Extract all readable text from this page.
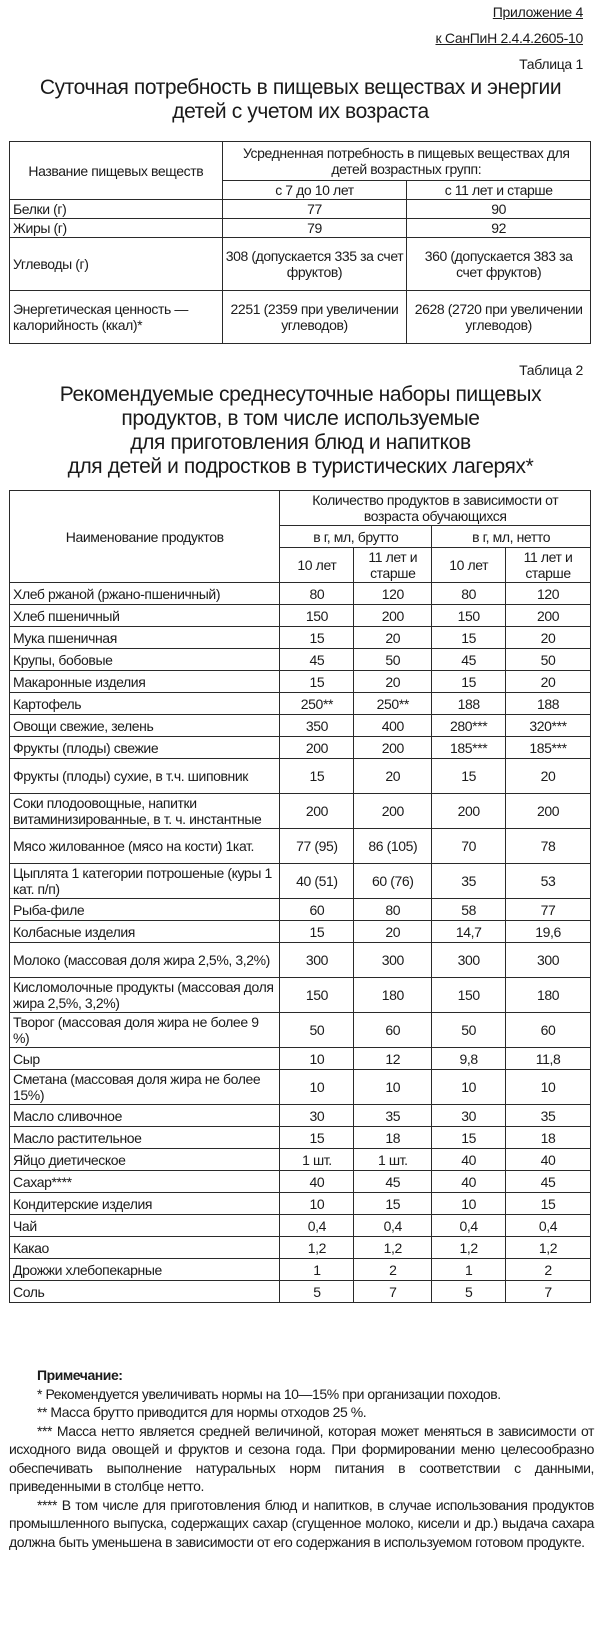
Приложение 4
к СанПиН 2.4.4.2605-10
Таблица 1
Суточная потребность в пищевых веществах и энергии
детей с учетом их возраста
Название пищевых веществ	Усредненная потребность в пищевых веществах для детей возрастных групп:	
	с 7 до 10 лет	с 11 лет и старше
Белки (г)	77	90
Жиры (г)	79	92
Углеводы (г)	308 (допускается 335 за счет фруктов)	360 (допускается 383 за счет фруктов)
Энергетическая ценность — калорийность (ккал)*	2251 (2359 при увеличении углеводов)	2628 (2720 при увеличении углеводов)
Таблица 2
Рекомендуемые среднесуточные наборы пищевых
продуктов, в том числе используемые
для приготовления блюд и напитков
для детей и подростков в туристических лагерях*
Наименование продуктов	Количество продуктов в зависимости от возраста обучающихся			
	в г, мл, брутто		в г, мл, нетто	
	10 лет	11 лет и старше	10 лет	11 лет и старше
Хлеб ржаной (ржано-пшеничный)	80	120	80	120
Хлеб пшеничный	150	200	150	200
Мука пшеничная	15	20	15	20
Крупы, бобовые	45	50	45	50
Макаронные изделия	15	20	15	20
Картофель	250**	250**	188	188
Овощи свежие, зелень	350	400	280***	320***
Фрукты (плоды) свежие	200	200	185***	185***
Фрукты (плоды) сухие, в т.ч. шиповник	15	20	15	20
Соки плодоовощные, напитки витаминизированные, в т. ч. инстантные	200	200	200	200
Мясо жилованное (мясо на кости) 1кат.	77 (95)	86 (105)	70	78
Цыплята 1 категории потрошеные (куры 1 кат. п/п)	40 (51)	60 (76)	35	53
Рыба-филе	60	80	58	77
Колбасные изделия	15	20	14,7	19,6
Молоко (массовая доля жира 2,5%, 3,2%)	300	300	300	300
Кисломолочные продукты (массовая доля жира 2,5%, 3,2%)	150	180	150	180
Творог (массовая доля жира не более 9 %)	50	60	50	60
Сыр	10	12	9,8	11,8
Сметана (массовая доля жира не более 15%)	10	10	10	10
Масло сливочное	30	35	30	35
Масло растительное	15	18	15	18
Яйцо диетическое	1 шт.	1 шт.	40	40
Сахар****	40	45	40	45
Кондитерские изделия	10	15	10	15
Чай	0,4	0,4	0,4	0,4
Какао	1,2	1,2	1,2	1,2
Дрожжи хлебопекарные	1	2	1	2
Соль	5	7	5	7
Примечание:
* Рекомендуется увеличивать нормы на 10—15% при организации походов.
** Масса брутто приводится для нормы отходов 25 %.
*** Масса нетто является средней величиной, которая может меняться в зависимости от исходного вида овощей и фруктов и сезона года. При формировании меню целесообразно обеспечивать выполнение натуральных норм питания в соответствии с данными, приведенными в столбце нетто.
**** В том числе для приготовления блюд и напитков, в случае использования продуктов промышленного выпуска, содержащих сахар (сгущенное молоко, кисели и др.) выдача сахара должна быть уменьшена в зависимости от его содержания в используемом готовом продукте.
